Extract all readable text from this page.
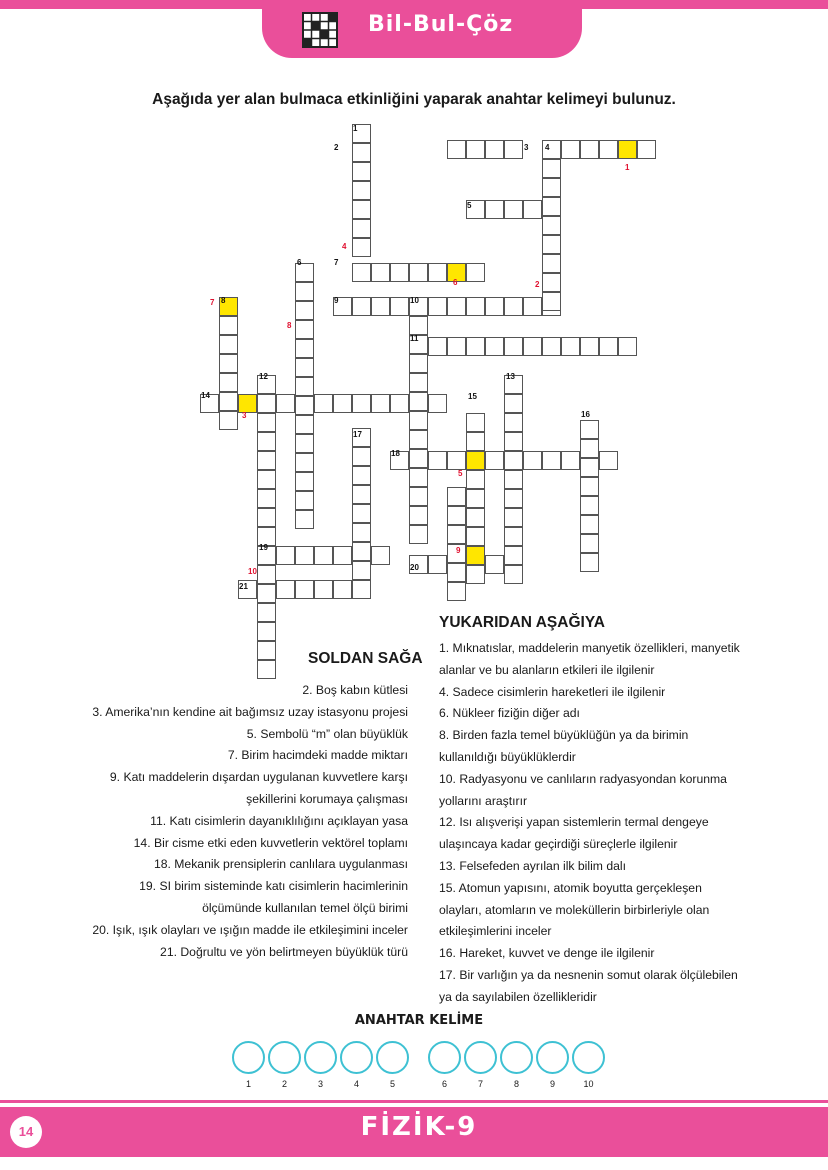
Bil-Bul-Çöz
Aşağıda yer alan bulmaca etkinliğini yaparak anahtar kelimeyi bulunuz.
1
2	3 4
5
6	7
8	9	10
11
12	13
14	15
16
17
18
19
20
21
1
2
3
4
5
6
7
8
9
10
SOLDAN SAĞA
2. Boş kabın kütlesi
3. Amerika’nın kendine ait bağımsız uzay istasyonu projesi
5. Sembolü “m” olan büyüklük
7. Birim hacimdeki madde miktarı
9. Katı maddelerin dışardan uygulanan kuvvetlere karşı
şekillerini korumaya çalışması
11. Katı cisimlerin dayanıklılığını açıklayan yasa
14. Bir cisme etki eden kuvvetlerin vektörel toplamı
18. Mekanik prensiplerin canlılara uygulanması
19. SI birim sisteminde katı cisimlerin hacimlerinin
ölçümünde kullanılan temel ölçü birimi
20. Işık, ışık olayları ve ışığın madde ile etkileşimini inceler
21. Doğrultu ve yön belirtmeyen büyüklük türü
YUKARIDAN AŞAĞIYA
1. Mıknatıslar, maddelerin manyetik özellikleri, manyetik
alanlar ve bu alanların etkileri ile ilgilenir
4. Sadece cisimlerin hareketleri ile ilgilenir
6. Nükleer fiziğin diğer adı
8. Birden fazla temel büyüklüğün ya da birimin
kullanıldığı büyüklüklerdir
10. Radyasyonu ve canlıların radyasyondan korunma
yollarını araştırır
12. Isı alışverişi yapan sistemlerin termal dengeye
ulaşıncaya kadar geçirdiği süreçlerle ilgilenir
13. Felsefeden ayrılan ilk bilim dalı
15. Atomun yapısını, atomik boyutta gerçekleşen
olayları, atomların ve moleküllerin birbirleriyle olan
etkileşimlerini inceler
16. Hareket, kuvvet ve denge ile ilgilenir
17. Bir varlığın ya da nesnenin somut olarak ölçülebilen
ya da sayılabilen özellikleridir
ANAHTAR KELİME
1	2	3	4	5	6	7	8	9	10
14	FİZİK-9
